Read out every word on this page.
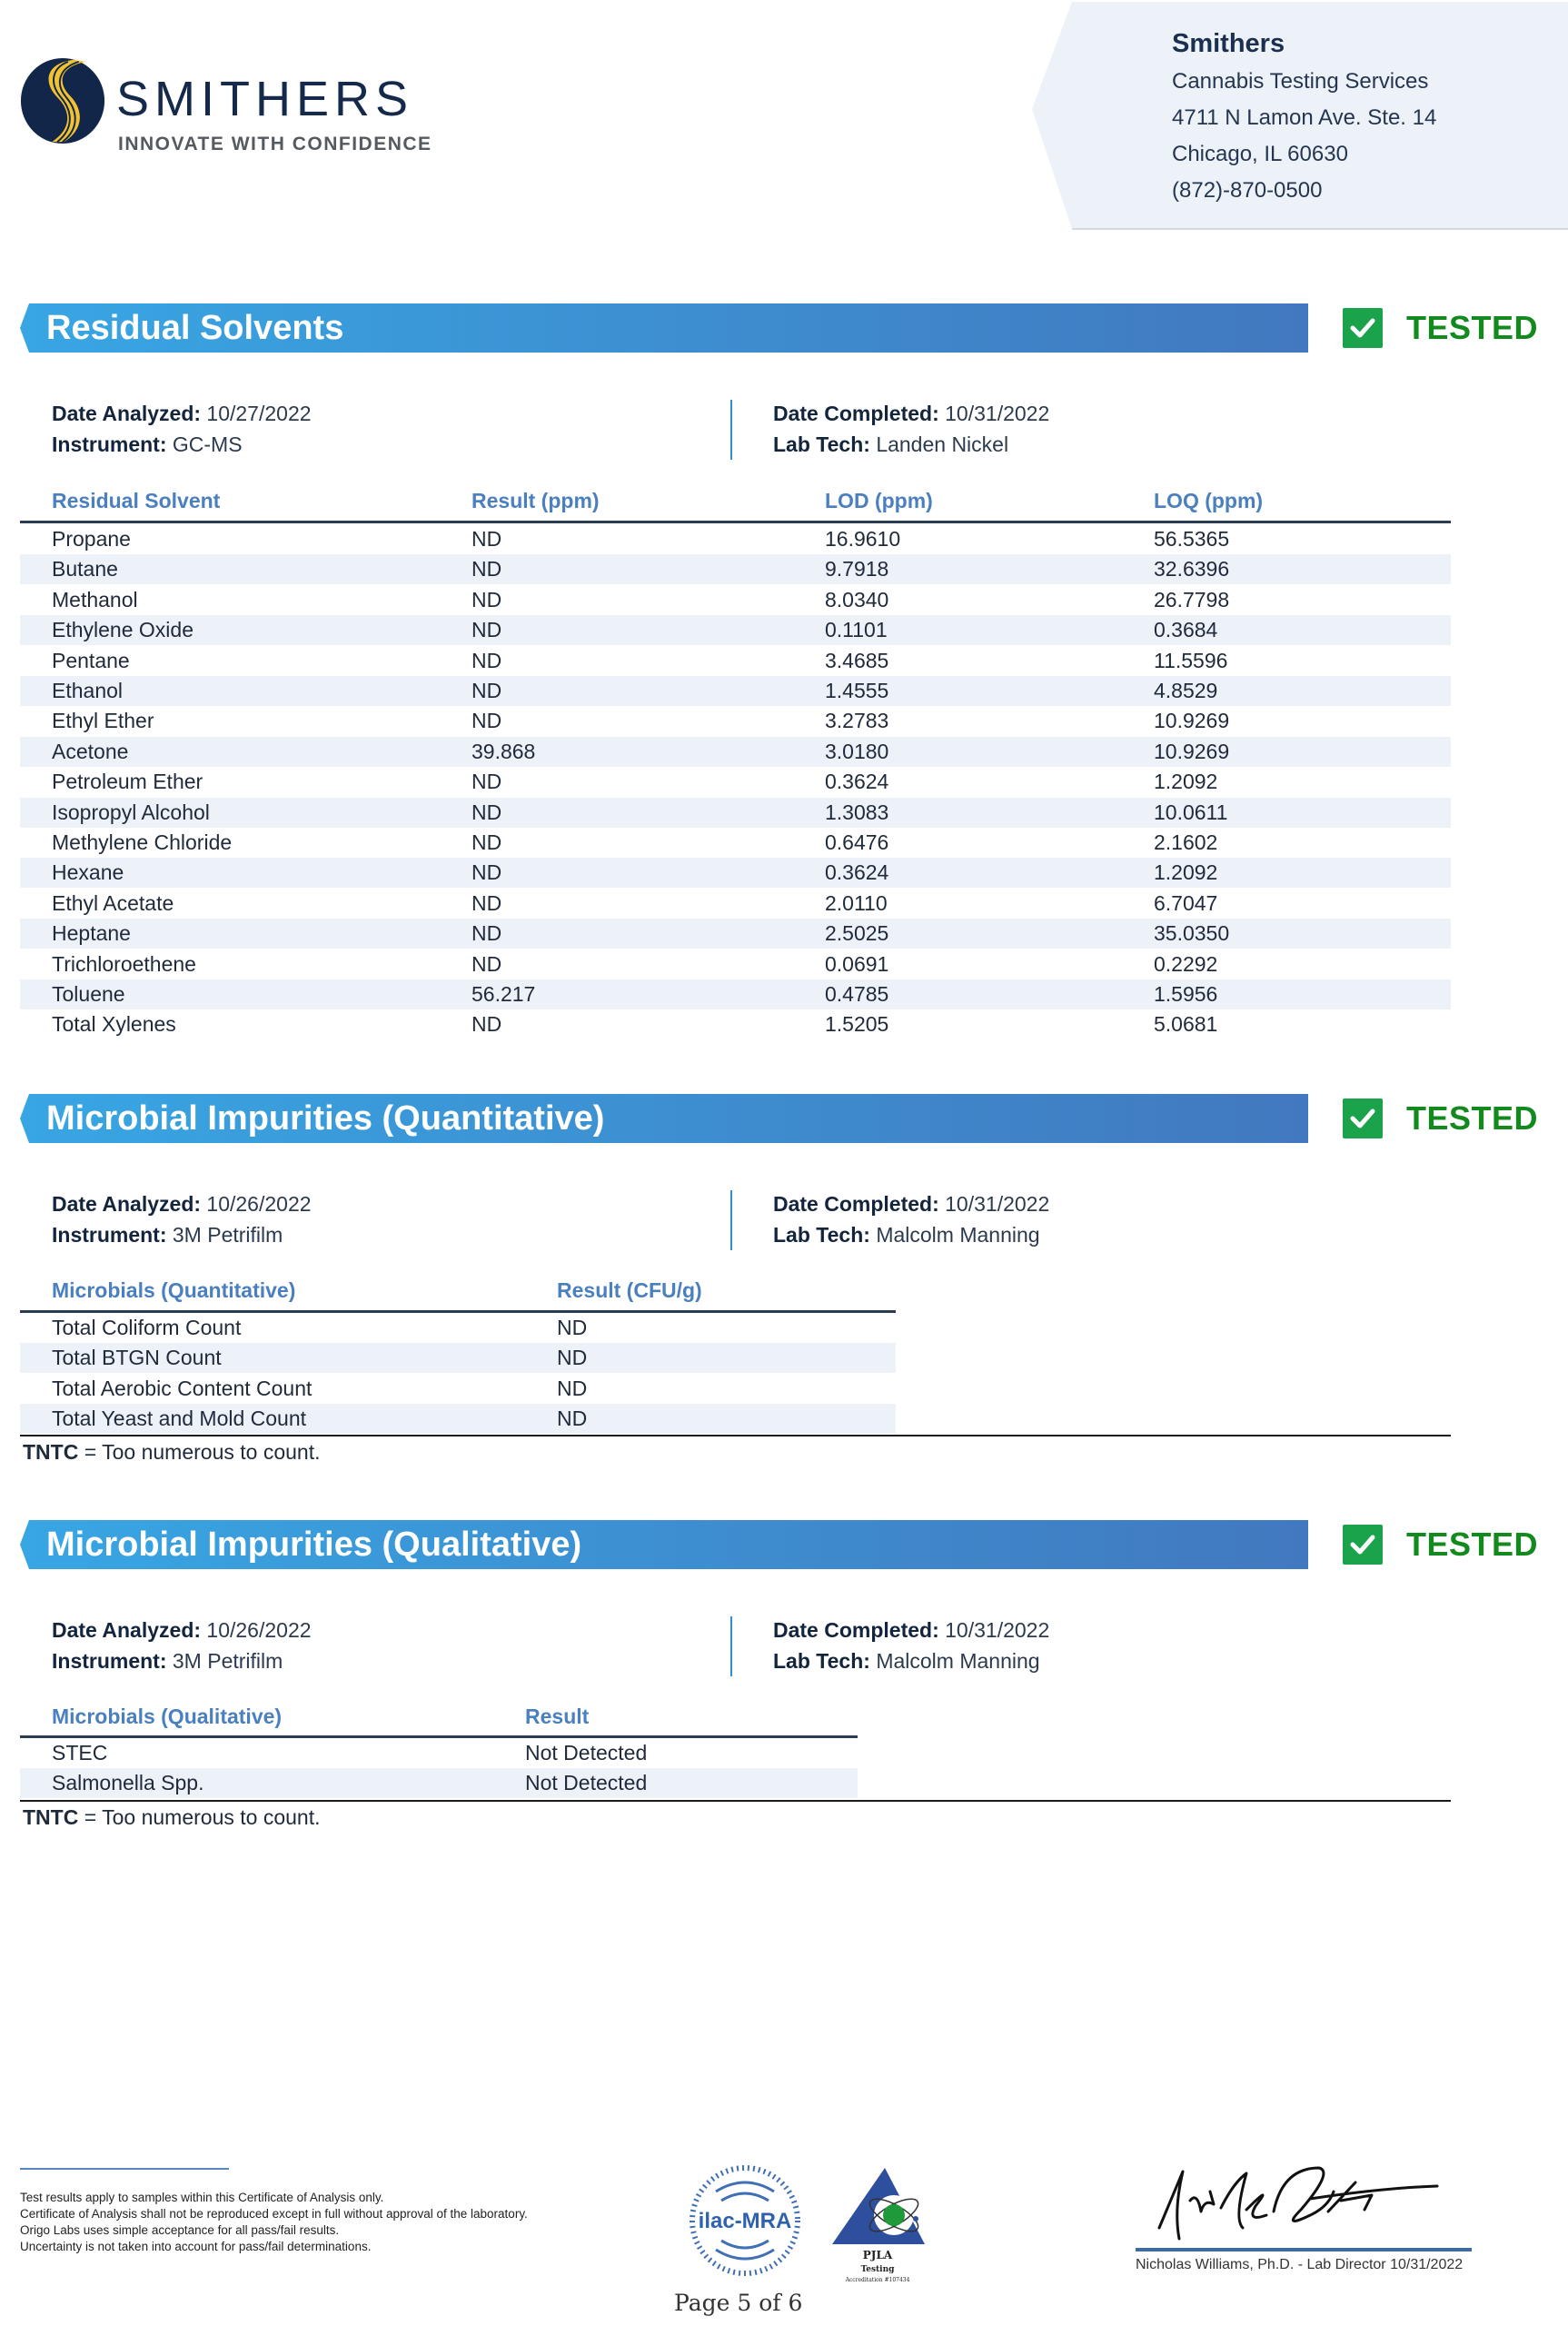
SMITHERS
INNOVATE WITH CONFIDENCE
Smithers
Cannabis Testing Services
4711 N Lamon Ave. Ste. 14
Chicago, IL 60630
(872)-870-0500
Residual Solvents	TESTED
Date Analyzed: 10/27/2022
Instrument: GC-MS
Date Completed: 10/31/2022
Lab Tech: Landen Nickel
Residual Solvent	Result (ppm)	LOD (ppm)	LOQ (ppm)
Propane	ND	16.9610	56.5365
Butane	ND	9.7918	32.6396
Methanol	ND	8.0340	26.7798
Ethylene Oxide	ND	0.1101	0.3684
Pentane	ND	3.4685	11.5596
Ethanol	ND	1.4555	4.8529
Ethyl Ether	ND	3.2783	10.9269
Acetone	39.868	3.0180	10.9269
Petroleum Ether	ND	0.3624	1.2092
Isopropyl Alcohol	ND	1.3083	10.0611
Methylene Chloride	ND	0.6476	2.1602
Hexane	ND	0.3624	1.2092
Ethyl Acetate	ND	2.0110	6.7047
Heptane	ND	2.5025	35.0350
Trichloroethene	ND	0.0691	0.2292
Toluene	56.217	0.4785	1.5956
Total Xylenes	ND	1.5205	5.0681
Microbial Impurities (Quantitative)	TESTED
Date Analyzed: 10/26/2022
Instrument: 3M Petrifilm
Date Completed: 10/31/2022
Lab Tech: Malcolm Manning
Microbials (Quantitative)	Result (CFU/g)
Total Coliform Count	ND
Total BTGN Count	ND
Total Aerobic Content Count	ND
Total Yeast and Mold Count	ND
TNTC = Too numerous to count.
Microbial Impurities (Qualitative)	TESTED
Date Analyzed: 10/26/2022
Instrument: 3M Petrifilm
Date Completed: 10/31/2022
Lab Tech: Malcolm Manning
Microbials (Qualitative)	Result
STEC	Not Detected
Salmonella Spp.	Not Detected
TNTC = Too numerous to count.
Test results apply to samples within this Certificate of Analysis only.
Certificate of Analysis shall not be reproduced except in full without approval of the laboratory.
Origo Labs uses simple acceptance for all pass/fail results.
Uncertainty is not taken into account for pass/fail determinations.
ilac-MRA
PJLA
Testing
Accreditation #107434
Page 5 of 6
Nicholas Williams, Ph.D. - Lab Director 10/31/2022
